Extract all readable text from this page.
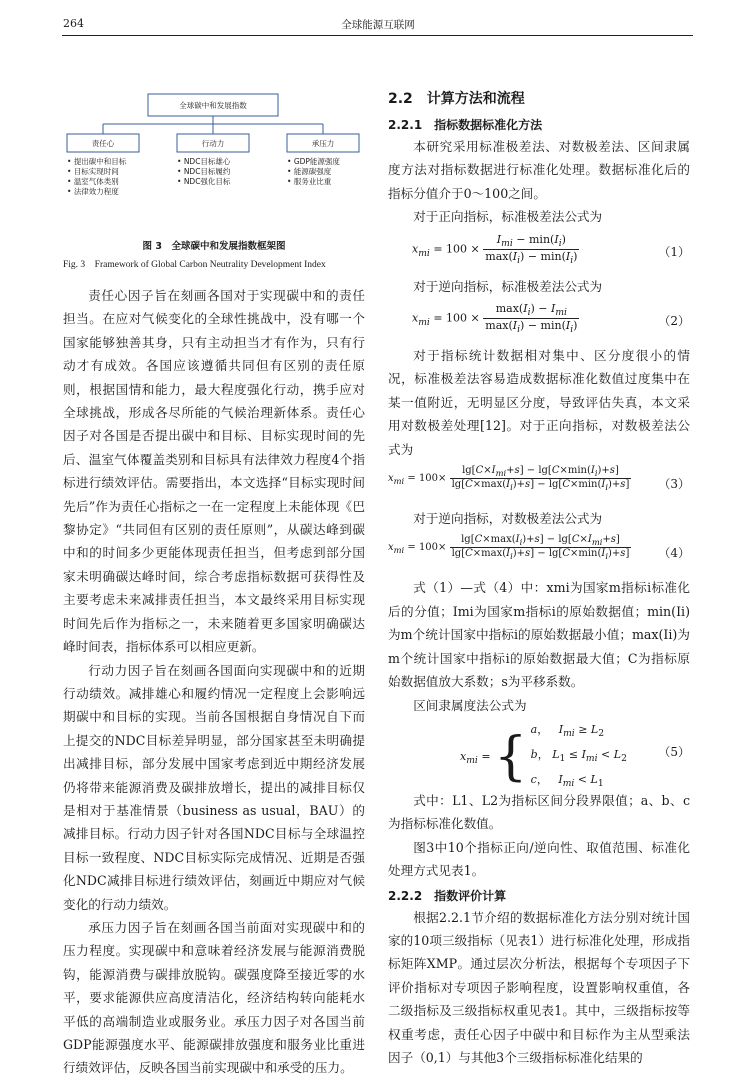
264	全球能源互联网
全球碳中和发展指数
责任心	行动力	承压力
• 提出碳中和目标
• 目标实现时间
• 温室气体类别
• 法律效力程度
• NDC目标雄心
• NDC目标履约
• NDC强化目标
• GDP能源强度
• 能源碳强度
• 服务业比重
图 3　全球碳中和发展指数框架图
Fig. 3　Framework of Global Carbon Neutrality Development Index

责任心因子旨在刻画各国对于实现碳中和的责任担当。在应对气候变化的全球性挑战中，没有哪一个国家能够独善其身，只有主动担当才有作为，只有行动才有成效。各国应该遵循共同但有区别的责任原则，根据国情和能力，最大程度强化行动，携手应对全球挑战，形成各尽所能的气候治理新体系。责任心因子对各国是否提出碳中和目标、目标实现时间的先后、温室气体覆盖类别和目标具有法律效力程度4个指标进行绩效评估。需要指出，本文选择“目标实现时间先后”作为责任心指标之一在一定程度上未能体现《巴黎协定》“共同但有区别的责任原则”，从碳达峰到碳中和的时间多少更能体现责任担当，但考虑到部分国家未明确碳达峰时间，综合考虑指标数据可获得性及主要考虑未来减排责任担当，本文最终采用目标实现时间先后作为指标之一，未来随着更多国家明确碳达峰时间表，指标体系可以相应更新。

行动力因子旨在刻画各国面向实现碳中和的近期行动绩效。减排雄心和履约情况一定程度上会影响远期碳中和目标的实现。当前各国根据自身情况自下而上提交的NDC目标差异明显，部分国家甚至未明确提出减排目标，部分发展中国家考虑到近中期经济发展仍将带来能源消费及碳排放增长，提出的减排目标仅是相对于基准情景（business as usual，BAU）的减排目标。行动力因子针对各国NDC目标与全球温控目标一致程度、NDC目标实际完成情况、近期是否强化NDC减排目标进行绩效评估，刻画近中期应对气候变化的行动力绩效。

承压力因子旨在刻画各国当前面对实现碳中和的压力程度。实现碳中和意味着经济发展与能源消费脱钩，能源消费与碳排放脱钩。碳强度降至接近零的水平，要求能源供应高度清洁化，经济结构转向能耗水平低的高端制造业或服务业。承压力因子对各国当前GDP能源强度水平、能源碳排放强度和服务业比重进行绩效评估，反映各国当前实现碳中和承受的压力。

2.2　计算方法和流程
2.2.1　指标数据标准化方法

本研究采用标准极差法、对数极差法、区间隶属度方法对指标数据进行标准化处理。数据标准化后的指标分值介于0～100之间。

对于正向指标，标准极差法公式为

$x_{mi} = 100 \times \frac{I_{mi} - \min(I_i)}{\max(I_i) - \min(I_i)}$	（1）

对于逆向指标，标准极差法公式为

$x_{mi} = 100 \times \frac{\max(I_i) - I_{mi}}{\max(I_i) - \min(I_i)}$	（2）

对于指标统计数据相对集中、区分度很小的情况，标准极差法容易造成数据标准化数值过度集中在某一值附近，无明显区分度，导致评估失真，本文采用对数极差处理[12]。对于正向指标，对数极差法公式为

$x_{mi} = 100\times \frac{\lg[C\times I_{mi}+s] - \lg[C\times\min(I_i)+s]}{\lg[C\times\max(I_i)+s] - \lg[C\times\min(I_i)+s]} (3)$

对于逆向指标，对数极差法公式为

$x_{mi} = 100\times \frac{\lg[C\times\max(I_i)+s] - \lg[C\times I_{mi}+s]}{\lg[C\times\max(I_i)+s] - \lg[C\times\min(I_i)+s]} (4)$

式（1）—式（4）中：xmi为国家m指标i标准化后的分值；Imi为国家m指标i的原始数据值；min(Ii)为m个统计国家中指标i的原始数据最小值；max(Ii)为m个统计国家中指标i的原始数据最大值；C为指标原始数据值放大系数；s为平移系数。

区间隶属度法公式为

$x_{mi}$ = { a，   $I_{mi} \ge L_2$
b， $L_1 \le I_{mi} < L_2$
c，   $I_{mi} < L_1$
（5）

式中：L1、L2为指标区间分段界限值；a、b、c为指标标准化数值。

图3中10个指标正向/逆向性、取值范围、标准化处理方式见表1。

2.2.2　指数评价计算

根据2.2.1节介绍的数据标准化方法分别对统计国家的10项三级指标（见表1）进行标准化处理，形成指标矩阵XMP。通过层次分析法，根据每个专项因子下评价指标对专项因子影响程度，设置影响权重值，各二级指标及三级指标权重见表1。其中，三级指标按等权重考虑，责任心因子中碳中和目标作为主从型乘法因子（0,1）与其他3个三级指标标准化结果的
